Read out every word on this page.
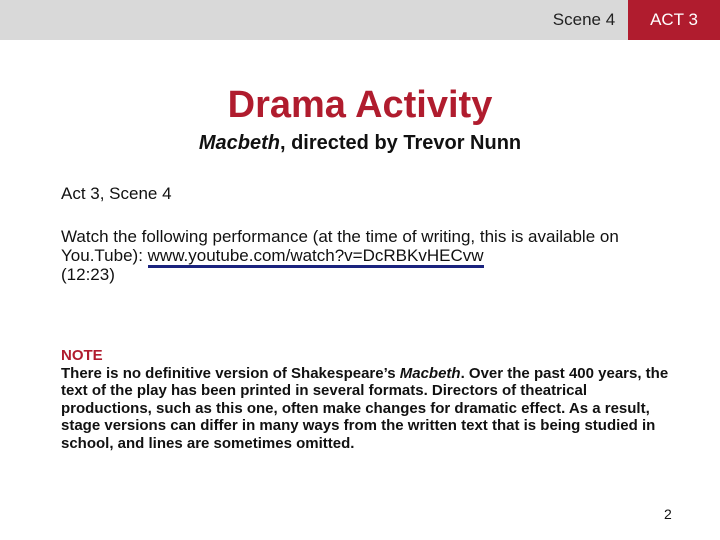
Scene 4	ACT 3
Drama Activity
Macbeth, directed by Trevor Nunn
Act 3, Scene 4
Watch the following performance (at the time of writing, this is available on You.Tube): www.youtube.com/watch?v=DcRBKvHECvw
(12:23)
NOTE
There is no definitive version of Shakespeare’s Macbeth. Over the past 400 years, the text of the play has been printed in several formats. Directors of theatrical productions, such as this one, often make changes for dramatic effect. As a result, stage versions can differ in many ways from the written text that is being studied in school, and lines are sometimes omitted.
2
